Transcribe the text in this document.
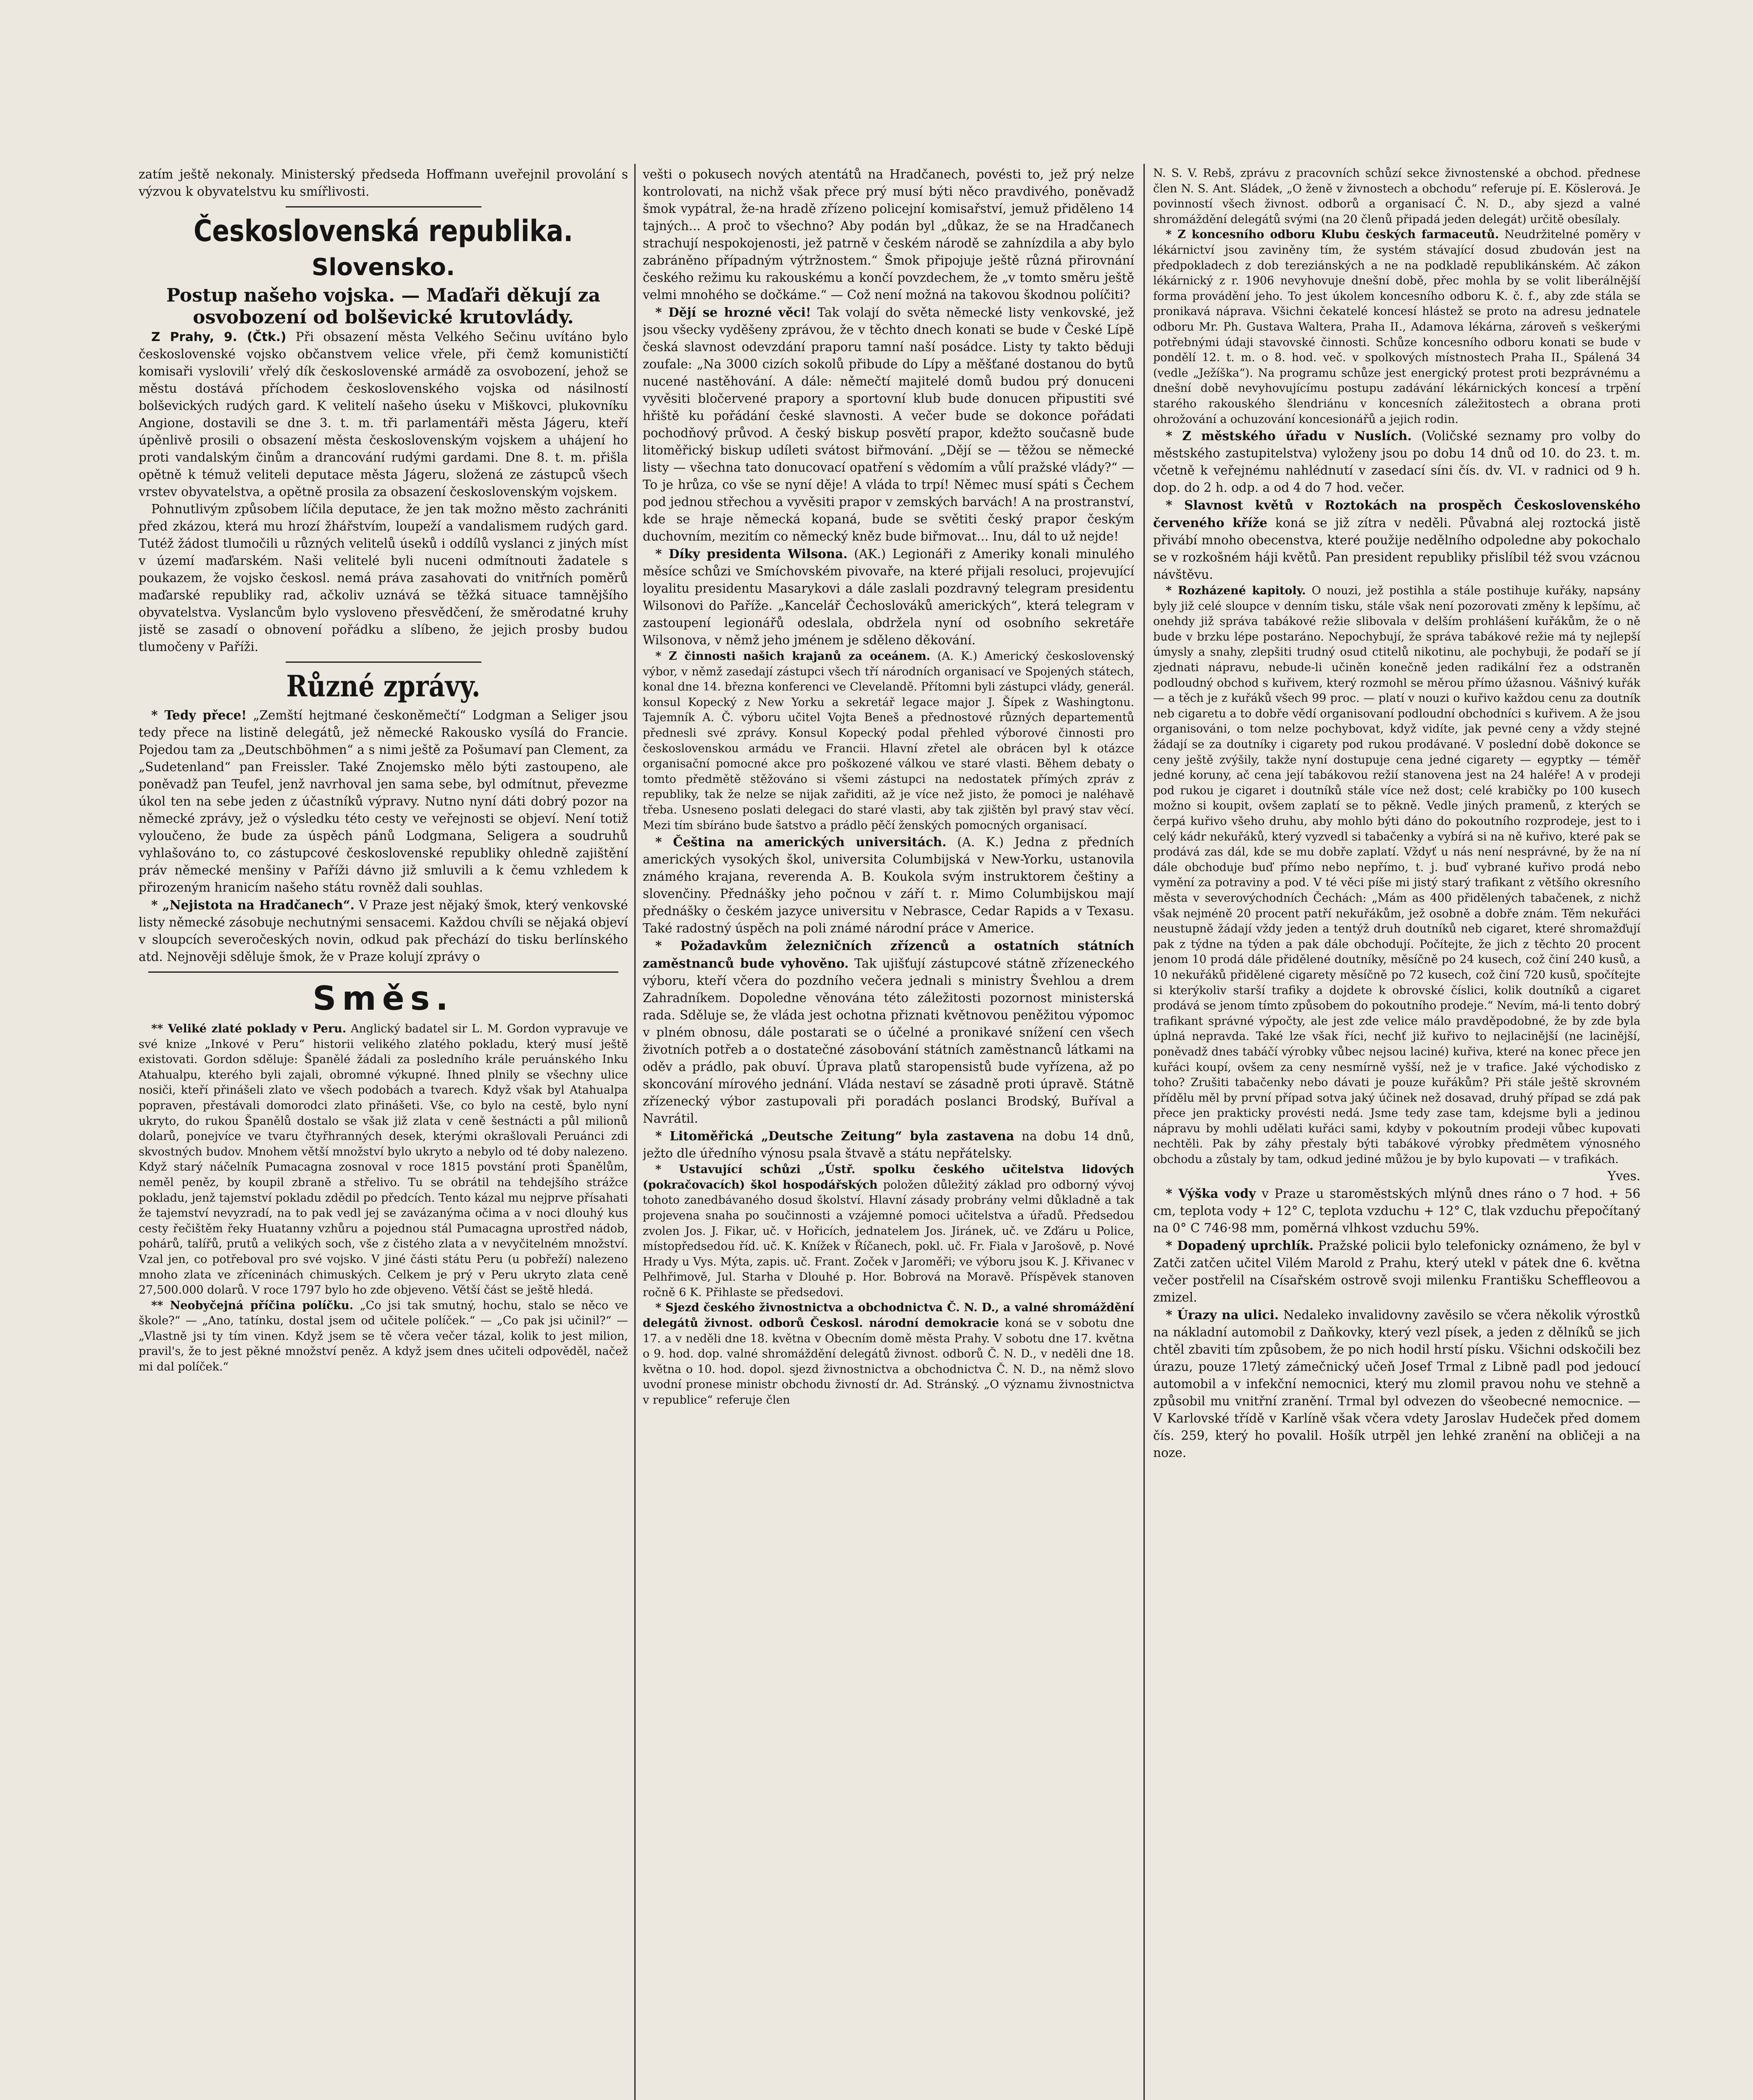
zatím ještě nekonaly. Ministerský předseda Hoffmann uveřejnil provolání s výzvou k obyvatelstvu ku smířlivosti.

Československá republika.
Slovensko.
Postup našeho vojska. — Maďaři děkují za osvobození od bolševické krutovlády.

Z Prahy, 9. (Čtk.) Při obsazení města Velkého Sečinu uvítáno bylo československé vojsko občanstvem velice vřele, při čemž komunističtí komisaři vysloviliʼ vřelý dík československé armádě za osvobození, jehož se městu dostává příchodem československého vojska od násilností bolševických rudých gard. K velitelí našeho úseku v Miškovci, plukovníku Angione, dostavili se dne 3. t. m. tři parlamentáři města Jágeru, kteří úpěnlivě prosili o obsazení města československým vojskem a uhájení ho proti vandalským činům a drancování rudými gardami. Dne 8. t. m. přišla opětně k témuž veliteli deputace města Jágeru, složená ze zástupců všech vrstev obyvatelstva, a opětně prosila za obsazení československým vojskem.

Pohnutlivým způsobem líčila deputace, že jen tak možno město zachrániti před zkázou, která mu hrozí žhářstvím, loupeží a vandalismem rudých gard. Tutéž žádost tlumočili u různých velitelů úseků i oddílů vyslanci z jiných míst v území maďarském. Naši velitelé byli nuceni odmítnouti žadatele s poukazem, že vojsko českosl. nemá práva zasahovati do vnitřních poměrů maďarské republiky rad, ačkoliv uznává se těžká situace tamnějšího obyvatelstva. Vyslancům bylo vysloveno přesvědčení, že směrodatné kruhy jistě se zasadí o obnovení pořádku a slíbeno, že jejich prosby budou tlumočeny v Paříži.

Různé zprávy.

* Tedy přece! „Zemští hejtmané českoněmečtí“ Lodgman a Seliger jsou tedy přece na listině delegátů, jež německé Rakousko vysílá do Francie. Pojedou tam za „Deutschböhmen“ a s nimi ještě za Pošumaví pan Clement, za „Sudetenland“ pan Freissler. Také Znojemsko mělo býti zastoupeno, ale poněvadž pan Teufel, jenž navrhoval jen sama sebe, byl odmítnut, převezme úkol ten na sebe jeden z účastníků výpravy. Nutno nyní dáti dobrý pozor na německé zprávy, jež o výsledku této cesty ve veřejnosti se objeví. Není totiž vyloučeno, že bude za úspěch pánů Lodgmana, Seligera a soudruhů vyhlašováno to, co zástupcové československé republiky ohledně zajištění práv německé menšiny v Paříži dávno již smluvili a k čemu vzhledem k přirozeným hranicím našeho státu rovněž dali souhlas.

* „Nejistota na Hradčanech“. V Praze jest nějaký šmok, který venkovské listy německé zásobuje nechutnými sensacemi. Každou chvíli se nějaká objeví v sloupcích severočeských novin, odkud pak přechází do tisku berlínského atd. Nejnověji sděluje šmok, že v Praze kolují zprávy o

Směs.

** Veliké zlaté poklady v Peru. Anglický badatel sir L. M. Gordon vypravuje ve své knize „Inkové v Peru“ historii velikého zlatého pokladu, který musí ještě existovati. Gordon sděluje: Španělé žádali za posledního krále peruánského Inku Atahualpu, kterého byli zajali, obromné výkupné. Ihned plnily se všechny ulice nosiči, kteří přinášeli zlato ve všech podobách a tvarech. Když však byl Atahualpa popraven, přestávali domorodci zlato přinášeti. Vše, co bylo na cestě, bylo nyní ukryto, do rukou Španělů dostalo se však již zlata v ceně šestnácti a půl milionů dolarů, ponejvíce ve tvaru čtyřhranných desek, kterými okrašlovali Peruánci zdi skvostných budov. Mnohem větší množství bylo ukryto a nebylo od té doby nalezeno. Když starý náčelník Pumacagna zosnoval v roce 1815 povstání proti Španělům, neměl peněz, by koupil zbraně a střelivo. Tu se obrátil na tehdejšího strážce pokladu, jenž tajemství pokladu zdědil po předcích. Tento kázal mu nejprve přísahati že tajemství nevyzradí, na to pak vedl jej se zavázanýma očima a v noci dlouhý kus cesty řečištěm řeky Huatanny vzhůru a pojednou stál Pumacagna uprostřed nádob, pohárů, talířů, prutů a velikých soch, vše z čistého zlata a v nevyčitelném množství. Vzal jen, co potřeboval pro své vojsko. V jiné části státu Peru (u pobřeží) nalezeno mnoho zlata ve zříceninách chimuských. Celkem je prý v Peru ukryto zlata ceně 27,500.000 dolarů. V roce 1797 bylo ho zde objeveno. Větší část se ještě hledá.

** Neobyčejná příčina políčku. „Co jsi tak smutný, hochu, stalo se něco ve škole?“ — „Ano, tatínku, dostal jsem od učitele políček.“ — „Co pak jsi učinil?“ — „Vlastně jsi ty tím vinen. Když jsem se tě včera večer tázal, kolik to jest milion, pravil's, že to jest pěkné množství peněz. A když jsem dnes učiteli odpověděl, načež mi dal políček.“

vešti o pokusech nových atentátů na Hradčanech, povésti to, jež prý nelze kontrolovati, na nichž však přece prý musí býti něco pravdivého, poněvadž šmok vypátral, že-na hradě zřízeno policejní komisařství, jemuž přiděleno 14 tajných... A proč to všechno? Aby podán byl „důkaz, že se na Hradčanech strachují nespokojenosti, jež patrně v českém národě se zahnízdila a aby bylo zabráněno případným výtržnostem.“ Šmok připojuje ještě různá přirovnání českého režimu ku rakouskému a končí povzdechem, že „v tomto směru ještě velmi mnohého se dočkáme.“ — Což není možná na takovou škodnou políčiti?

* Dějí se hrozné věci! Tak volají do světa německé listy venkovské, jež jsou všecky vyděšeny zprávou, že v těchto dnech konati se bude v České Lípě česká slavnost odevzdání praporu tamní naší posádce. Listy ty takto běduji zoufale: „Na 3000 cizích sokolů přibude do Lípy a měšťané dostanou do bytů nucené nastěhování. A dále: němečtí majitelé domů budou prý donuceni vyvěsiti bločervené prapory a sportovní klub bude donucen připustiti své hřiště ku pořádání české slavnosti. A večer bude se dokonce pořádati pochodňový průvod. A český biskup posvětí prapor, kdežto současně bude litoměřický biskup udíleti svátost biřmování. „Dějí se — těžou se německé listy — všechna tato donucovací opatření s vědomím a vůlí pražské vlády?“ — To je hrůza, co vše se nyní děje! A vláda to trpí! Němec musí spáti s Čechem pod jednou střechou a vyvěsiti prapor v zemských barvách! A na prostranství, kde se hraje německá kopaná, bude se světiti český prapor českým duchovním, mezitím co německý kněz bude biřmovat... Inu, dál to už nejde!

* Díky presidenta Wilsona. (AK.) Legionáři z Ameriky konali minulého měsíce schůzi ve Smíchovském pivovaře, na které přijali resoluci, projevující loyalitu presidentu Masarykovi a dále zaslali pozdravný telegram presidentu Wilsonovi do Paříže. „Kancelář Čechoslováků amerických“, která telegram v zastoupení legionářů odeslala, obdržela nyní od osobního sekretáře Wilsonova, v němž jeho jménem je sděleno děkování.

* Z činnosti našich krajanů za oceánem. (A. K.) Americký československý výbor, v němž zasedají zástupci všech tří národních organisací ve Spojených státech, konal dne 14. března konferenci ve Clevelandě. Přítomni byli zástupci vlády, generál. konsul Kopecký z New Yorku a sekretář legace major J. Šípek z Washingtonu. Tajemník A. Č. výboru učitel Vojta Beneš a přednostové různých departementů přednesli své zprávy. Konsul Kopecký podal přehled výborové činnosti pro československou armádu ve Francii. Hlavní zřetel ale obrácen byl k otázce organisační pomocné akce pro poškozené válkou ve staré vlasti. Během debaty o tomto předmětě stěžováno si všemi zástupci na nedostatek přímých zpráv z republiky, tak že nelze se nijak zařiditi, až je více než jisto, že pomoci je naléhavě třeba. Usneseno poslati delegaci do staré vlasti, aby tak zjištěn byl pravý stav věcí. Mezi tím sbíráno bude šatstvo a prádlo pěčí ženských pomocných organisací.

* Čeština na amerických universitách. (A. K.) Jedna z předních amerických vysokých škol, universita Columbijská v New-Yorku, ustanovila známého krajana, reverenda A. B. Koukola svým instruktorem češtiny a slovenčiny. Přednášky jeho počnou v září t. r. Mimo Columbijskou mají přednášky o českém jazyce universitu v Nebrasce, Cedar Rapids a v Texasu. Také radostný úspěch na poli známé národní práce v Americe.

* Požadavkům železničních zřízenců a ostatních státních zaměstnanců bude vyhověno. Tak ujišťují zástupcové státně zřízeneckého výboru, kteří včera do pozdního večera jednali s ministry Švehlou a drem Zahradníkem. Dopoledne věnována této záležitosti pozornost ministerská rada. Sděluje se, že vláda jest ochotna přiznati květnovou peněžitou výpomoc v plném obnosu, dále postarati se o účelné a pronikavé snížení cen všech životních potřeb a o dostatečné zásobování státních zaměstnanců látkami na oděv a prádlo, pak obuví. Úprava platů staropensistů bude vyřízena, až po skoncování mírového jednání. Vláda nestaví se zásadně proti úpravě. Státně zřízenecký výbor zastupovali při poradách poslanci Brodský, Buříval a Navrátil.

* Litoměřická „Deutsche Zeitung“ byla zastavena na dobu 14 dnů, ježto dle úředního výnosu psala štvavě a státu nepřátelsky.

* Ustavující schůzi „Ústř. spolku českého učitelstva lidových (pokračovacích) škol hospodářských položen důležitý základ pro odborný vývoj tohoto zanedbávaného dosud školství. Hlavní zásady probrány velmi důkladně a tak projevena snaha po součinnosti a vzájemné pomoci učitelstva a úřadů. Předsedou zvolen Jos. J. Fikar, uč. v Hořicích, jednatelem Jos. Jiránek, uč. ve Zďáru u Police, místopředsedou říd. uč. K. Knížek v Říčanech, pokl. uč. Fr. Fiala v Jarošově, p. Nové Hrady u Vys. Mýta, zapis. uč. Frant. Zoček v Jaroměři; ve výboru jsou K. J. Křivanec v Pelhřimově, Jul. Starha v Dlouhé p. Hor. Bobrová na Moravě. Příspěvek stanoven ročně 6 K. Přihlaste se předsedovi.

* Sjezd českého živnostnictva a obchodnictva Č. N. D., a valné shromáždění delegátů živnost. odborů Českosl. národní demokracie koná se v sobotu dne 17. a v neděli dne 18. května v Obecním domě města Prahy. V sobotu dne 17. května o 9. hod. dop. valné shromáždění delegátů živnost. odborů Č. N. D., v neděli dne 18. května o 10. hod. dopol. sjezd živnostnictva a obchodnictva Č. N. D., na němž slovo uvodní pronese ministr obchodu živností dr. Ad. Stránský. „O významu živnostnictva v republice“ referuje člen

N. S. V. Rebš, zprávu z pracovních schůzí sekce živnostenské a obchod. přednese člen N. S. Ant. Sládek, „O ženě v živnostech a obchodu“ referuje pí. E. Köslerová. Je povinností všech živnost. odborů a organisací Č. N. D., aby sjezd a valné shromáždění delegátů svými (na 20 členů připadá jeden delegát) určitě obesílaly.

* Z koncesního odboru Klubu českých farmaceutů. Neudržitelné poměry v lékárnictví jsou zaviněny tím, že systém stávající dosud zbudován jest na předpokladech z dob tereziánských a ne na podkladě republikánském. Ač zákon lékárnický z r. 1906 nevyhovuje dnešní době, přec mohla by se volit liberálnější forma provádění jeho. To jest úkolem koncesního odboru K. č. f., aby zde stála se pronikavá náprava. Všichni čekatelé koncesí hlástež se proto na adresu jednatele odboru Mr. Ph. Gustava Waltera, Praha II., Adamova lékárna, zároveň s veškerými potřebnými údaji stavovské činnosti. Schůze koncesního odboru konati se bude v pondělí 12. t. m. o 8. hod. več. v spolkových místnostech Praha II., Spálená 34 (vedle „Ježíška“). Na programu schůze jest energický protest proti bezprávnému a dnešní době nevyhovujícímu postupu zadávání lékárnických koncesí a trpění starého rakouského šlendriánu v koncesních záležitostech a obrana proti ohrožování a ochuzování koncesionářů a jejich rodin.

* Z městského úřadu v Nuslích. (Voličské seznamy pro volby do městského zastupitelstva) vyloženy jsou po dobu 14 dnů od 10. do 23. t. m. včetně k veřejnému nahlédnutí v zasedací síni čís. dv. VI. v radnici od 9 h. dop. do 2 h. odp. a od 4 do 7 hod. večer.

* Slavnost květů v Roztokách na prospěch Československého červeného kříže koná se již zítra v neděli. Půvabná alej roztocká jistě přivábí mnoho obecenstva, které použije nedělního odpoledne aby pokochalo se v rozkošném háji květů. Pan president republiky přislíbil též svou vzácnou návštěvu.

* Rozházené kapitoly. O nouzi, jež postihla a stále postihuje kuřáky, napsány byly již celé sloupce v denním tisku, stále však není pozorovati změny k lepšímu, ač onehdy již správa tabákové režie slibovala v delším prohlášení kuřákům, že o ně bude v brzku lépe postaráno. Nepochybují, že správa tabákové režie má ty nejlepší úmysly a snahy, zlepšiti trudný osud ctitelů nikotinu, ale pochybuji, že podaří se jí zjednati nápravu, nebude-li učiněn konečně jeden radikální řez a odstraněn podloudný obchod s kuřivem, který rozmohl se měrou přímo úžasnou. Vášnivý kuřák — a těch je z kuřáků všech 99 proc. — platí v nouzi o kuřivo každou cenu za doutník neb cigaretu a to dobře vědí organisovaní podloudní obchodníci s kuřivem. A že jsou organisováni, o tom nelze pochybovat, když vidíte, jak pevné ceny a vždy stejné žádají se za doutníky i cigarety pod rukou prodávané. V poslední době dokonce se ceny ještě zvýšily, takže nyní dostupuje cena jedné cigarety — egyptky — téměř jedné koruny, ač cena její tabákovou režií stanovena jest na 24 haléře! A v prodeji pod rukou je cigaret i doutníků stále více než dost; celé krabičky po 100 kusech možno si koupit, ovšem zaplatí se to pěkně. Vedle jiných pramenů, z kterých se čerpá kuřivo všeho druhu, aby mohlo býti dáno do pokoutního rozprodeje, jest to i celý kádr nekuřáků, který vyzvedl si tabačenky a vybírá si na ně kuřivo, které pak se prodává zas dál, kde se mu dobře zaplatí. Vždyť u nás není nesprávné, by že na ní dále obchoduje buď přímo nebo nepřímo, t. j. buď vybrané kuřivo prodá nebo vymění za potraviny a pod. V té věci píše mi jistý starý trafikant z většího okresního města v severovýchodních Čechách: „Mám as 400 přidělených tabačenek, z nichž však nejméně 20 procent patří nekuřákům, jež osobně a dobře znám. Těm nekuřáci neustupně žádají vždy jeden a tentýž druh doutníků neb cigaret, které shromažďují pak z týdne na týden a pak dále obchodují. Počítejte, že jich z těchto 20 procent jenom 10 prodá dále přidělené doutníky, měsíčně po 24 kusech, což činí 240 kusů, a 10 nekuřáků přidělené cigarety měsíčně po 72 kusech, což činí 720 kusů, spočítejte si kterýkoliv starší trafiky a dojdete k obrovské číslici, kolik doutníků a cigaret prodává se jenom tímto způsobem do pokoutního prodeje.“ Nevím, má-li tento dobrý trafikant správné výpočty, ale jest zde velice málo pravděpodobné, že by zde byla úplná nepravda. Také lze však říci, nechť již kuřivo to nejlacinější (ne lacinější, poněvadž dnes tabáčí výrobky vůbec nejsou laciné) kuřiva, které na konec přece jen kuřáci koupí, ovšem za ceny nesmírně vyšší, než je v trafice. Jaké východisko z toho? Zrušiti tabačenky nebo dávati je pouze kuřákům? Při stále ještě skrovném přídělu měl by první případ sotva jaký účinek než dosavad, druhý případ se zdá pak přece jen prakticky provésti nedá. Jsme tedy zase tam, kdejsme byli a jedinou nápravu by mohli udělati kuřáci sami, kdyby v pokoutním prodeji vůbec kupovati nechtěli. Pak by záhy přestaly býti tabákové výrobky předmětem výnosného obchodu a zůstaly by tam, odkud jediné můžou je by bylo kupovati — v trafikách.

Yves.

* Výška vody v Praze u staroměstských mlýnů dnes ráno o 7 hod. + 56 cm, teplota vody + 12° C, teplota vzduchu + 12° C, tlak vzduchu přepočítaný na 0° C 746·98 mm, poměrná vlhkost vzduchu 59%.

* Dopadený uprchlík. Pražské policii bylo telefonicky oznámeno, že byl v Zatči zatčen učitel Vilém Marold z Prahu, který utekl v pátek dne 6. května večer postřelil na Císařském ostrově svoji milenku Františku Scheffleovou a zmizel.

* Úrazy na ulici. Nedaleko invalidovny zavěsilo se včera několik výrostků na nákladní automobil z Daňkovky, který vezl písek, a jeden z dělníků se jich chtěl zbaviti tím způsobem, že po nich hodil hrstí písku. Všichni odskočili bez úrazu, pouze 17letý zámečnický učeň Josef Trmal z Libně padl pod jedoucí automobil a v infekční nemocnici, který mu zlomil pravou nohu ve stehně a způsobil mu vnitřní zranění. Trmal byl odvezen do všeobecné nemocnice. — V Karlovské třídě v Karlíně však včera vdety Jaroslav Hudeček před domem čís. 259, který ho povalil. Hošík utrpěl jen lehké zranění na obličeji a na noze.
